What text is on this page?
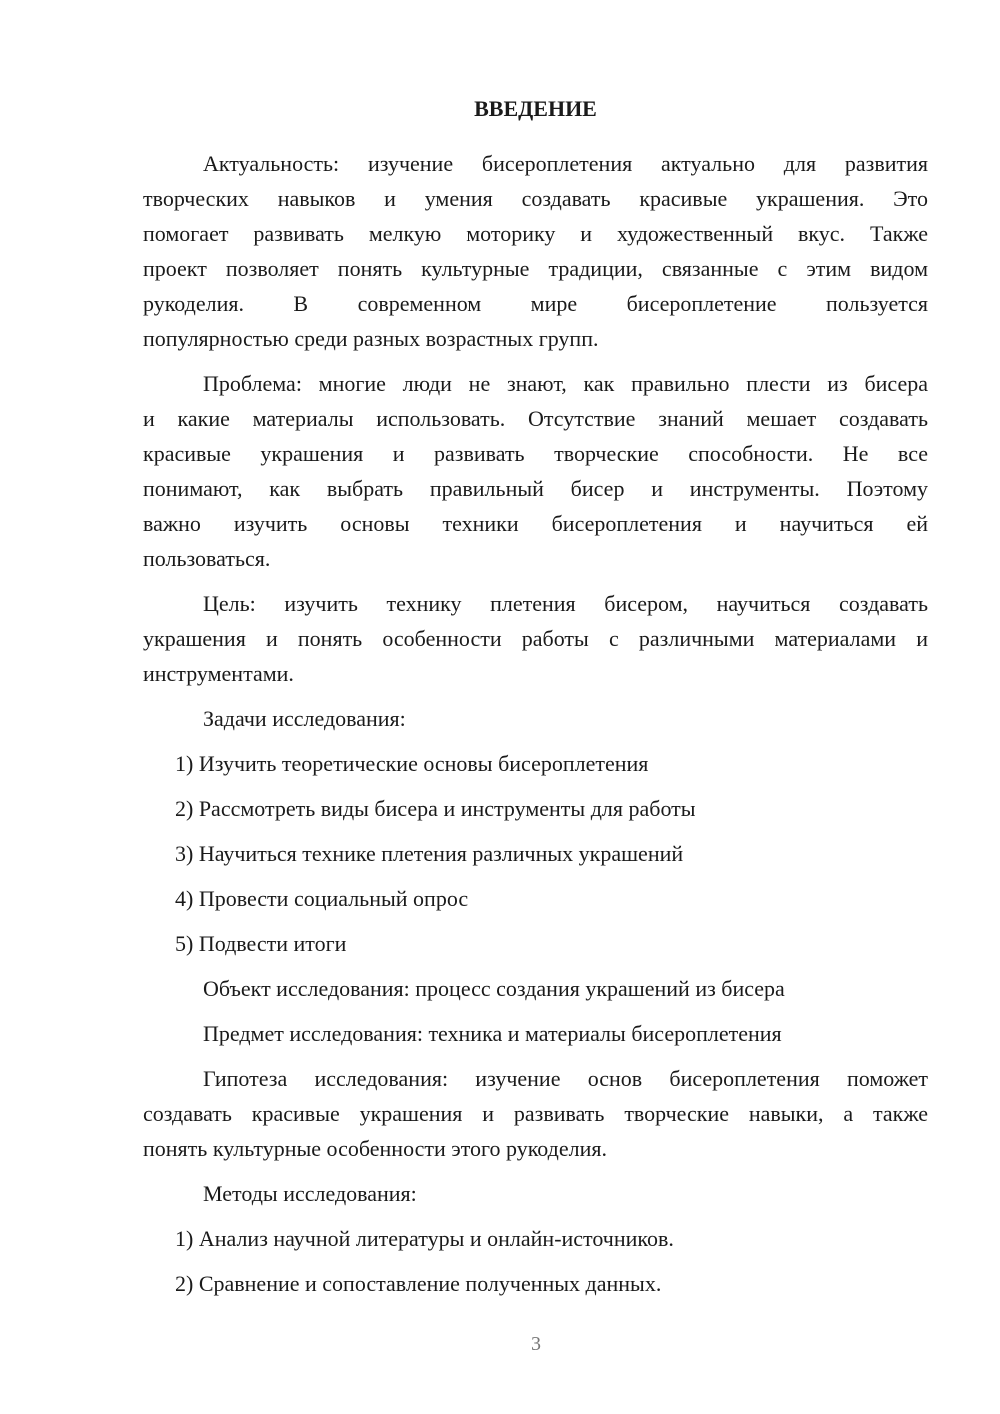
ВВЕДЕНИЕ
Актуальность: изучение бисероплетения актуально для развития
творческих навыков и умения создавать красивые украшения. Это
помогает развивать мелкую моторику и художественный вкус. Также
проект позволяет понять культурные традиции, связанные с этим видом
рукоделия. В современном мире бисероплетение пользуется
популярностью среди разных возрастных групп.
Проблема: многие люди не знают, как правильно плести из бисера
и какие материалы использовать. Отсутствие знаний мешает создавать
красивые украшения и развивать творческие способности. Не все
понимают, как выбрать правильный бисер и инструменты. Поэтому
важно изучить основы техники бисероплетения и научиться ей
пользоваться.
Цель: изучить технику плетения бисером, научиться создавать
украшения и понять особенности работы с различными материалами и
инструментами.
Задачи исследования:
1) Изучить теоретические основы бисероплетения
2) Рассмотреть виды бисера и инструменты для работы
3) Научиться технике плетения различных украшений
4) Провести социальный опрос
5) Подвести итоги
Объект исследования: процесс создания украшений из бисера
Предмет исследования: техника и материалы бисероплетения
Гипотеза исследования: изучение основ бисероплетения поможет
создавать красивые украшения и развивать творческие навыки, а также
понять культурные особенности этого рукоделия.
Методы исследования:
1) Анализ научной литературы и онлайн-источников.
2) Сравнение и сопоставление полученных данных.
3
